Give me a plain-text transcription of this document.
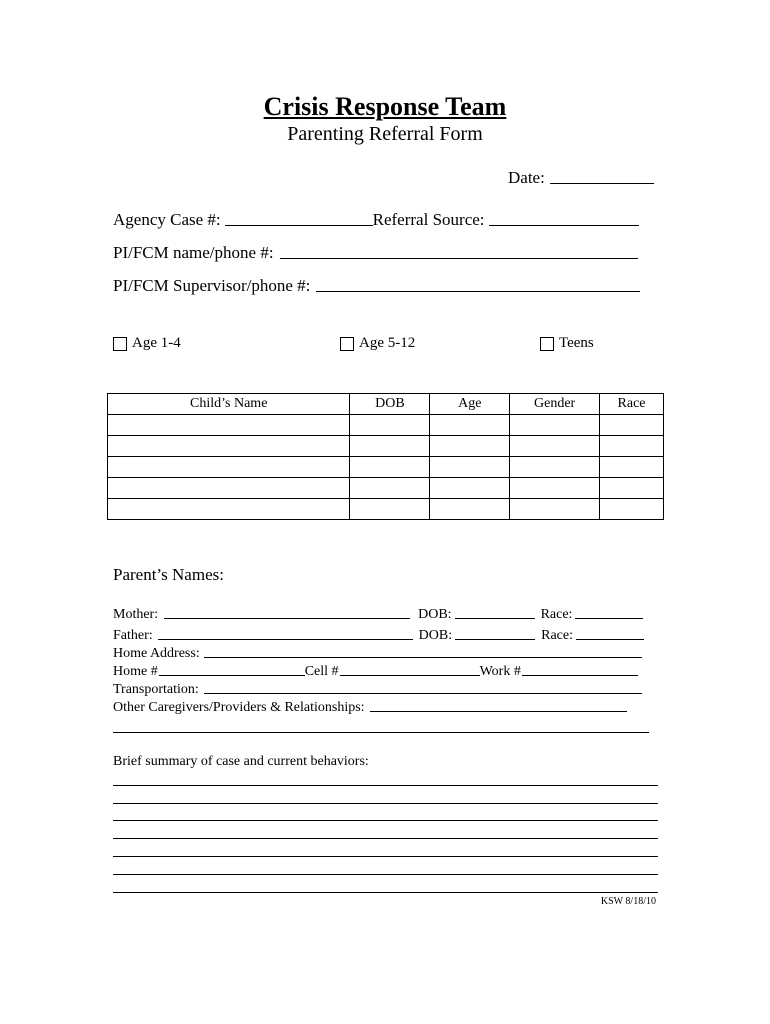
Crisis Response Team
Parenting Referral Form
Date:
Agency Case #:	Referral Source:
PI/FCM name/phone #:
PI/FCM Supervisor/phone #:
Age 1-4	Age 5-12	Teens
Child’s Name	DOB	Age	Gender	Race

Parent’s Names:
Mother:	DOB:	Race:
Father:	DOB:	Race:
Home Address:
Home #	Cell #	Work #
Transportation:
Other Caregivers/Providers & Relationships:
Brief summary of case and current behaviors:
KSW 8/18/10
